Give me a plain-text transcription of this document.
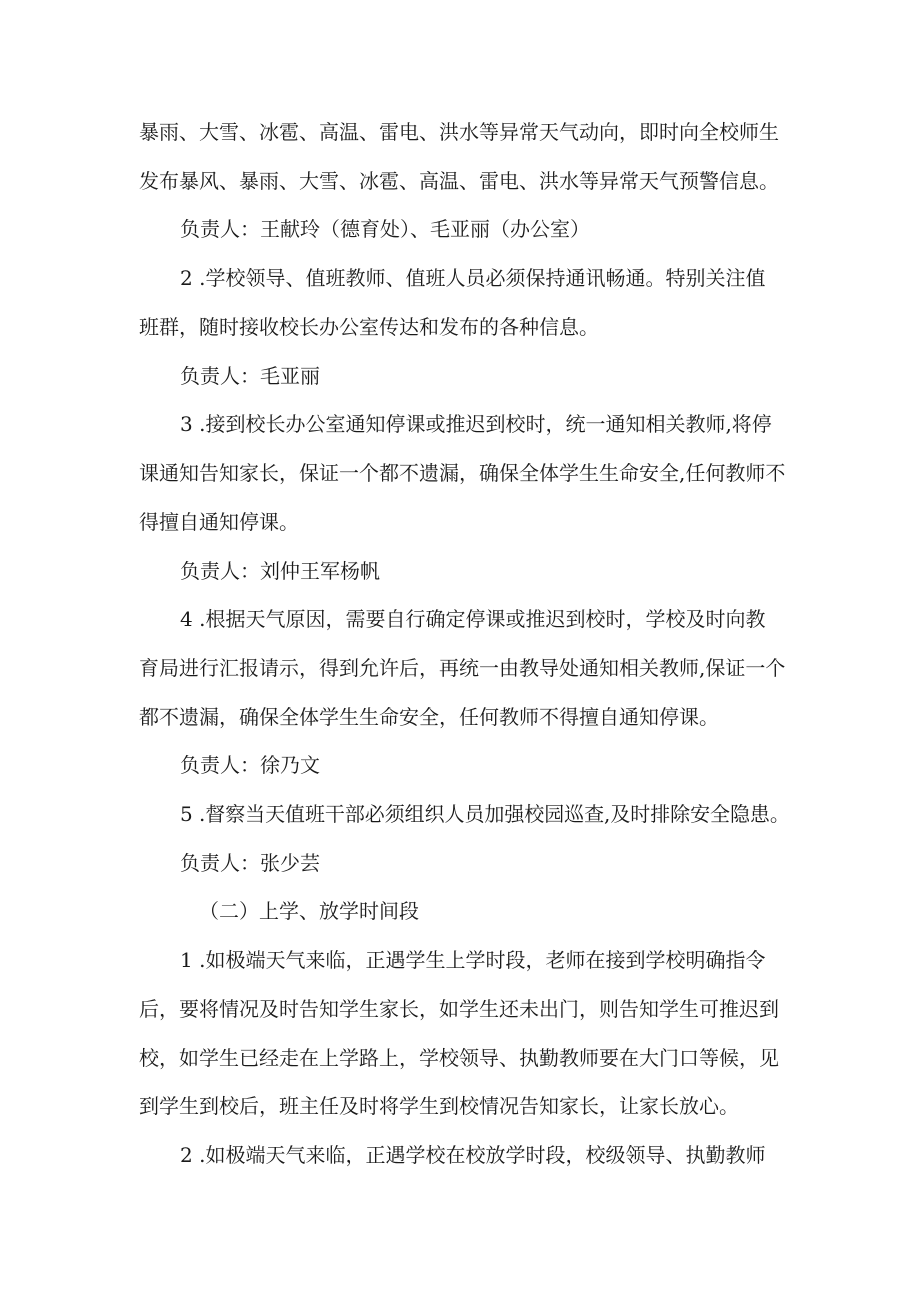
暴雨、大雪、冰雹、高温、雷电、洪水等异常天气动向，即时向全校师生
发布暴风、暴雨、大雪、冰雹、高温、雷电、洪水等异常天气预警信息。
负责人：王献玲（德育处）、毛亚丽（办公室）
2 .学校领导、值班教师、值班人员必须保持通讯畅通。特别关注值
班群，随时接收校长办公室传达和发布的各种信息。
负责人：毛亚丽
3 .接到校长办公室通知停课或推迟到校时，统一通知相关教师,将停
课通知告知家长，保证一个都不遗漏，确保全体学生生命安全,任何教师不
得擅自通知停课。
负责人：刘仲王军杨帆
4 .根据天气原因，需要自行确定停课或推迟到校时，学校及时向教
育局进行汇报请示，得到允许后，再统一由教导处通知相关教师,保证一个
都不遗漏，确保全体学生生命安全，任何教师不得擅自通知停课。
负责人：徐乃文
5 .督察当天值班干部必须组织人员加强校园巡查,及时排除安全隐患。
负责人：张少芸
（二）上学、放学时间段
1 .如极端天气来临，正遇学生上学时段，老师在接到学校明确指令
后，要将情况及时告知学生家长，如学生还未出门，则告知学生可推迟到
校，如学生已经走在上学路上，学校领导、执勤教师要在大门口等候，见
到学生到校后，班主任及时将学生到校情况告知家长，让家长放心。
2 .如极端天气来临，正遇学校在校放学时段，校级领导、执勤教师
